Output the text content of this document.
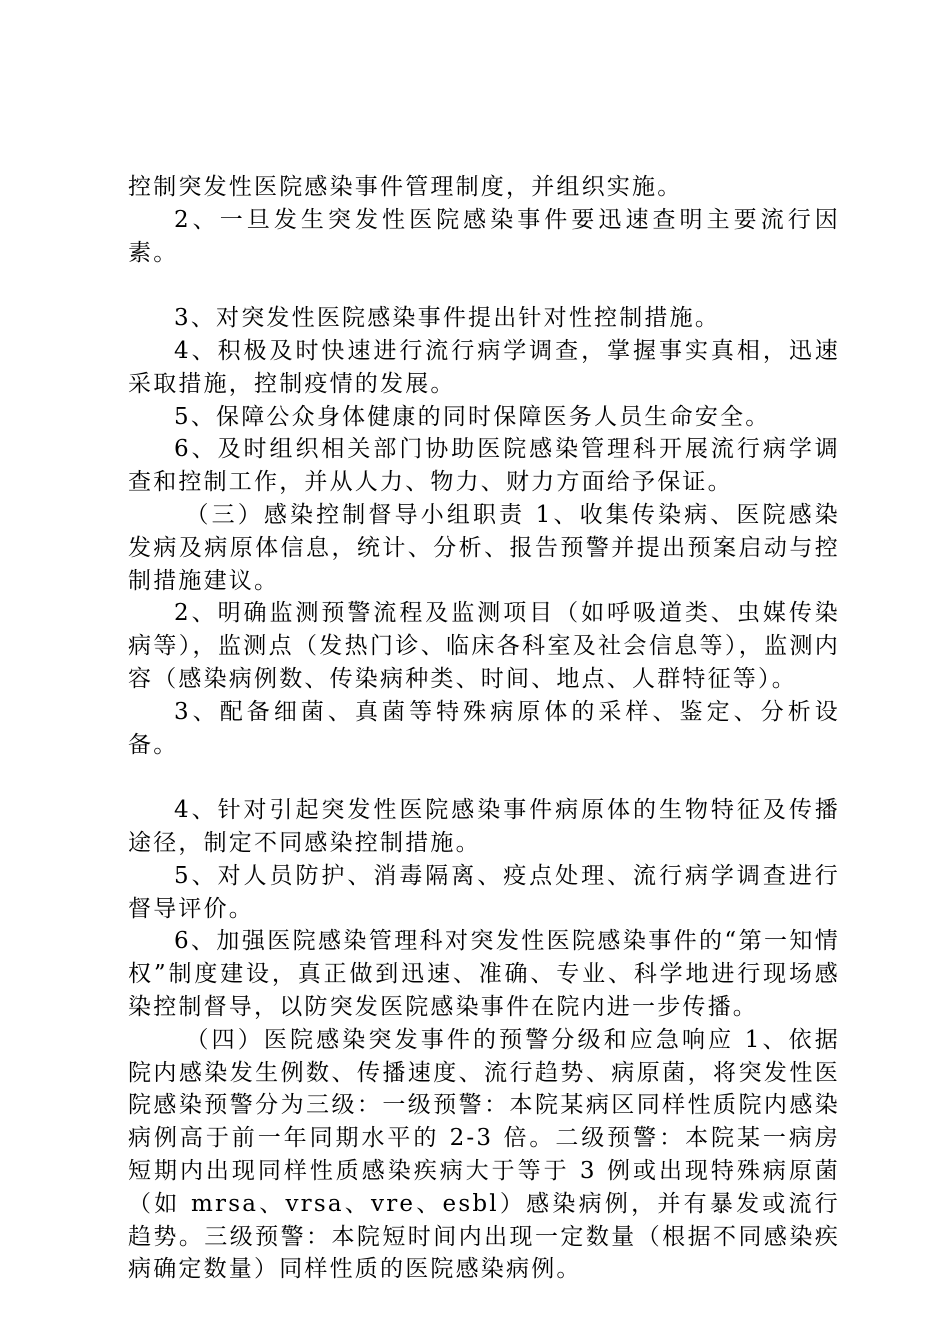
控制突发性医院感染事件管理制度，并组织实施。

2、一旦发生突发性医院感染事件要迅速查明主要流行因素。

3、对突发性医院感染事件提出针对性控制措施。

4、积极及时快速进行流行病学调查，掌握事实真相，迅速采取措施，控制疫情的发展。

5、保障公众身体健康的同时保障医务人员生命安全。

6、及时组织相关部门协助医院感染管理科开展流行病学调查和控制工作，并从人力、物力、财力方面给予保证。

（三）感染控制督导小组职责 1、收集传染病、医院感染发病及病原体信息，统计、分析、报告预警并提出预案启动与控制措施建议。

2、明确监测预警流程及监测项目（如呼吸道类、虫媒传染病等），监测点（发热门诊、临床各科室及社会信息等），监测内容（感染病例数、传染病种类、时间、地点、人群特征等）。

3、配备细菌、真菌等特殊病原体的采样、鉴定、分析设备。

4、针对引起突发性医院感染事件病原体的生物特征及传播途径，制定不同感染控制措施。

5、对人员防护、消毒隔离、疫点处理、流行病学调查进行督导评价。

6、加强医院感染管理科对突发性医院感染事件的“第一知情权”制度建设，真正做到迅速、准确、专业、科学地进行现场感染控制督导，以防突发医院感染事件在院内进一步传播。

（四）医院感染突发事件的预警分级和应急响应 1、依据院内感染发生例数、传播速度、流行趋势、病原菌，将突发性医院感染预警分为三级：一级预警：本院某病区同样性质院内感染病例高于前一年同期水平的 2-3 倍。二级预警：本院某一病房短期内出现同样性质感染疾病大于等于 3 例或出现特殊病原菌（如 mrsa、vrsa、vre、esbl）感染病例，并有暴发或流行趋势。三级预警：本院短时间内出现一定数量（根据不同感染疾病确定数量）同样性质的医院感染病例。
